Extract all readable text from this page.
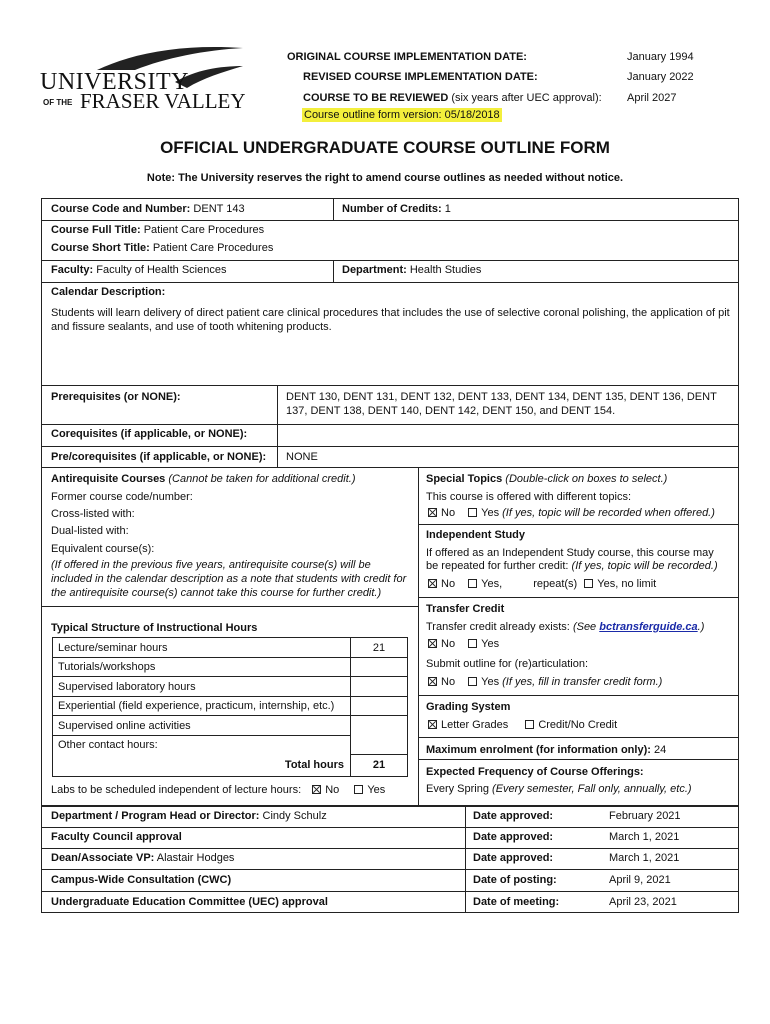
UNIVERSITY
OF THE FRASER VALLEY
ORIGINAL COURSE IMPLEMENTATION DATE:	January 1994
REVISED COURSE IMPLEMENTATION DATE:	January 2022
COURSE TO BE REVIEWED (six years after UEC approval): April 2027
Course outline form version: 05/18/2018
OFFICIAL UNDERGRADUATE COURSE OUTLINE FORM
Note: The University reserves the right to amend course outlines as needed without notice.
Course Code and Number: DENT 143	Number of Credits: 1
Course Full Title: Patient Care Procedures
Course Short Title: Patient Care Procedures
Faculty: Faculty of Health Sciences	Department: Health Studies
Calendar Description:
Students will learn delivery of direct patient care clinical procedures that includes the use of selective coronal polishing, the application of pit and fissure sealants, and use of tooth whitening products.
Prerequisites (or NONE):	DENT 130, DENT 131, DENT 132, DENT 133, DENT 134, DENT 135, DENT 136, DENT 137, DENT 138, DENT 140, DENT 142, DENT 150, and DENT 154.
Corequisites (if applicable, or NONE):
Pre/corequisites (if applicable, or NONE): NONE
Antirequisite Courses (Cannot be taken for additional credit.)
Former course code/number:
Cross-listed with:
Dual-listed with:
Equivalent course(s):
(If offered in the previous five years, antirequisite course(s) will be included in the calendar description as a note that students with credit for the antirequisite course(s) cannot take this course for further credit.)
Typical Structure of Instructional Hours
Lecture/seminar hours	21
Tutorials/workshops
Supervised laboratory hours
Experiential (field experience, practicum, internship, etc.)
Supervised online activities
Other contact hours:
Total hours	21
Labs to be scheduled independent of lecture hours: No	Yes
Special Topics (Double-click on boxes to select.)
This course is offered with different topics:
No Yes (If yes, topic will be recorded when offered.)
Independent Study
If offered as an Independent Study course, this course may
be repeated for further credit: (If yes, topic will be recorded.)
No Yes,	repeat(s) Yes, no limit
Transfer Credit
Transfer credit already exists: (See bctransferguide.ca.)
No Yes
Submit outline for (re)articulation:
No Yes (If yes, fill in transfer credit form.)
Grading System
Letter Grades	Credit/No Credit
Maximum enrolment (for information only): 24
Expected Frequency of Course Offerings:
Every Spring (Every semester, Fall only, annually, etc.)
Department / Program Head or Director: Cindy Schulz	Date approved:	February 2021
Faculty Council approval	Date approved:	March 1, 2021
Dean/Associate VP: Alastair Hodges	Date approved:	March 1, 2021
Campus-Wide Consultation (CWC)	Date of posting:	April 9, 2021
Undergraduate Education Committee (UEC) approval	Date of meeting:	April 23, 2021
